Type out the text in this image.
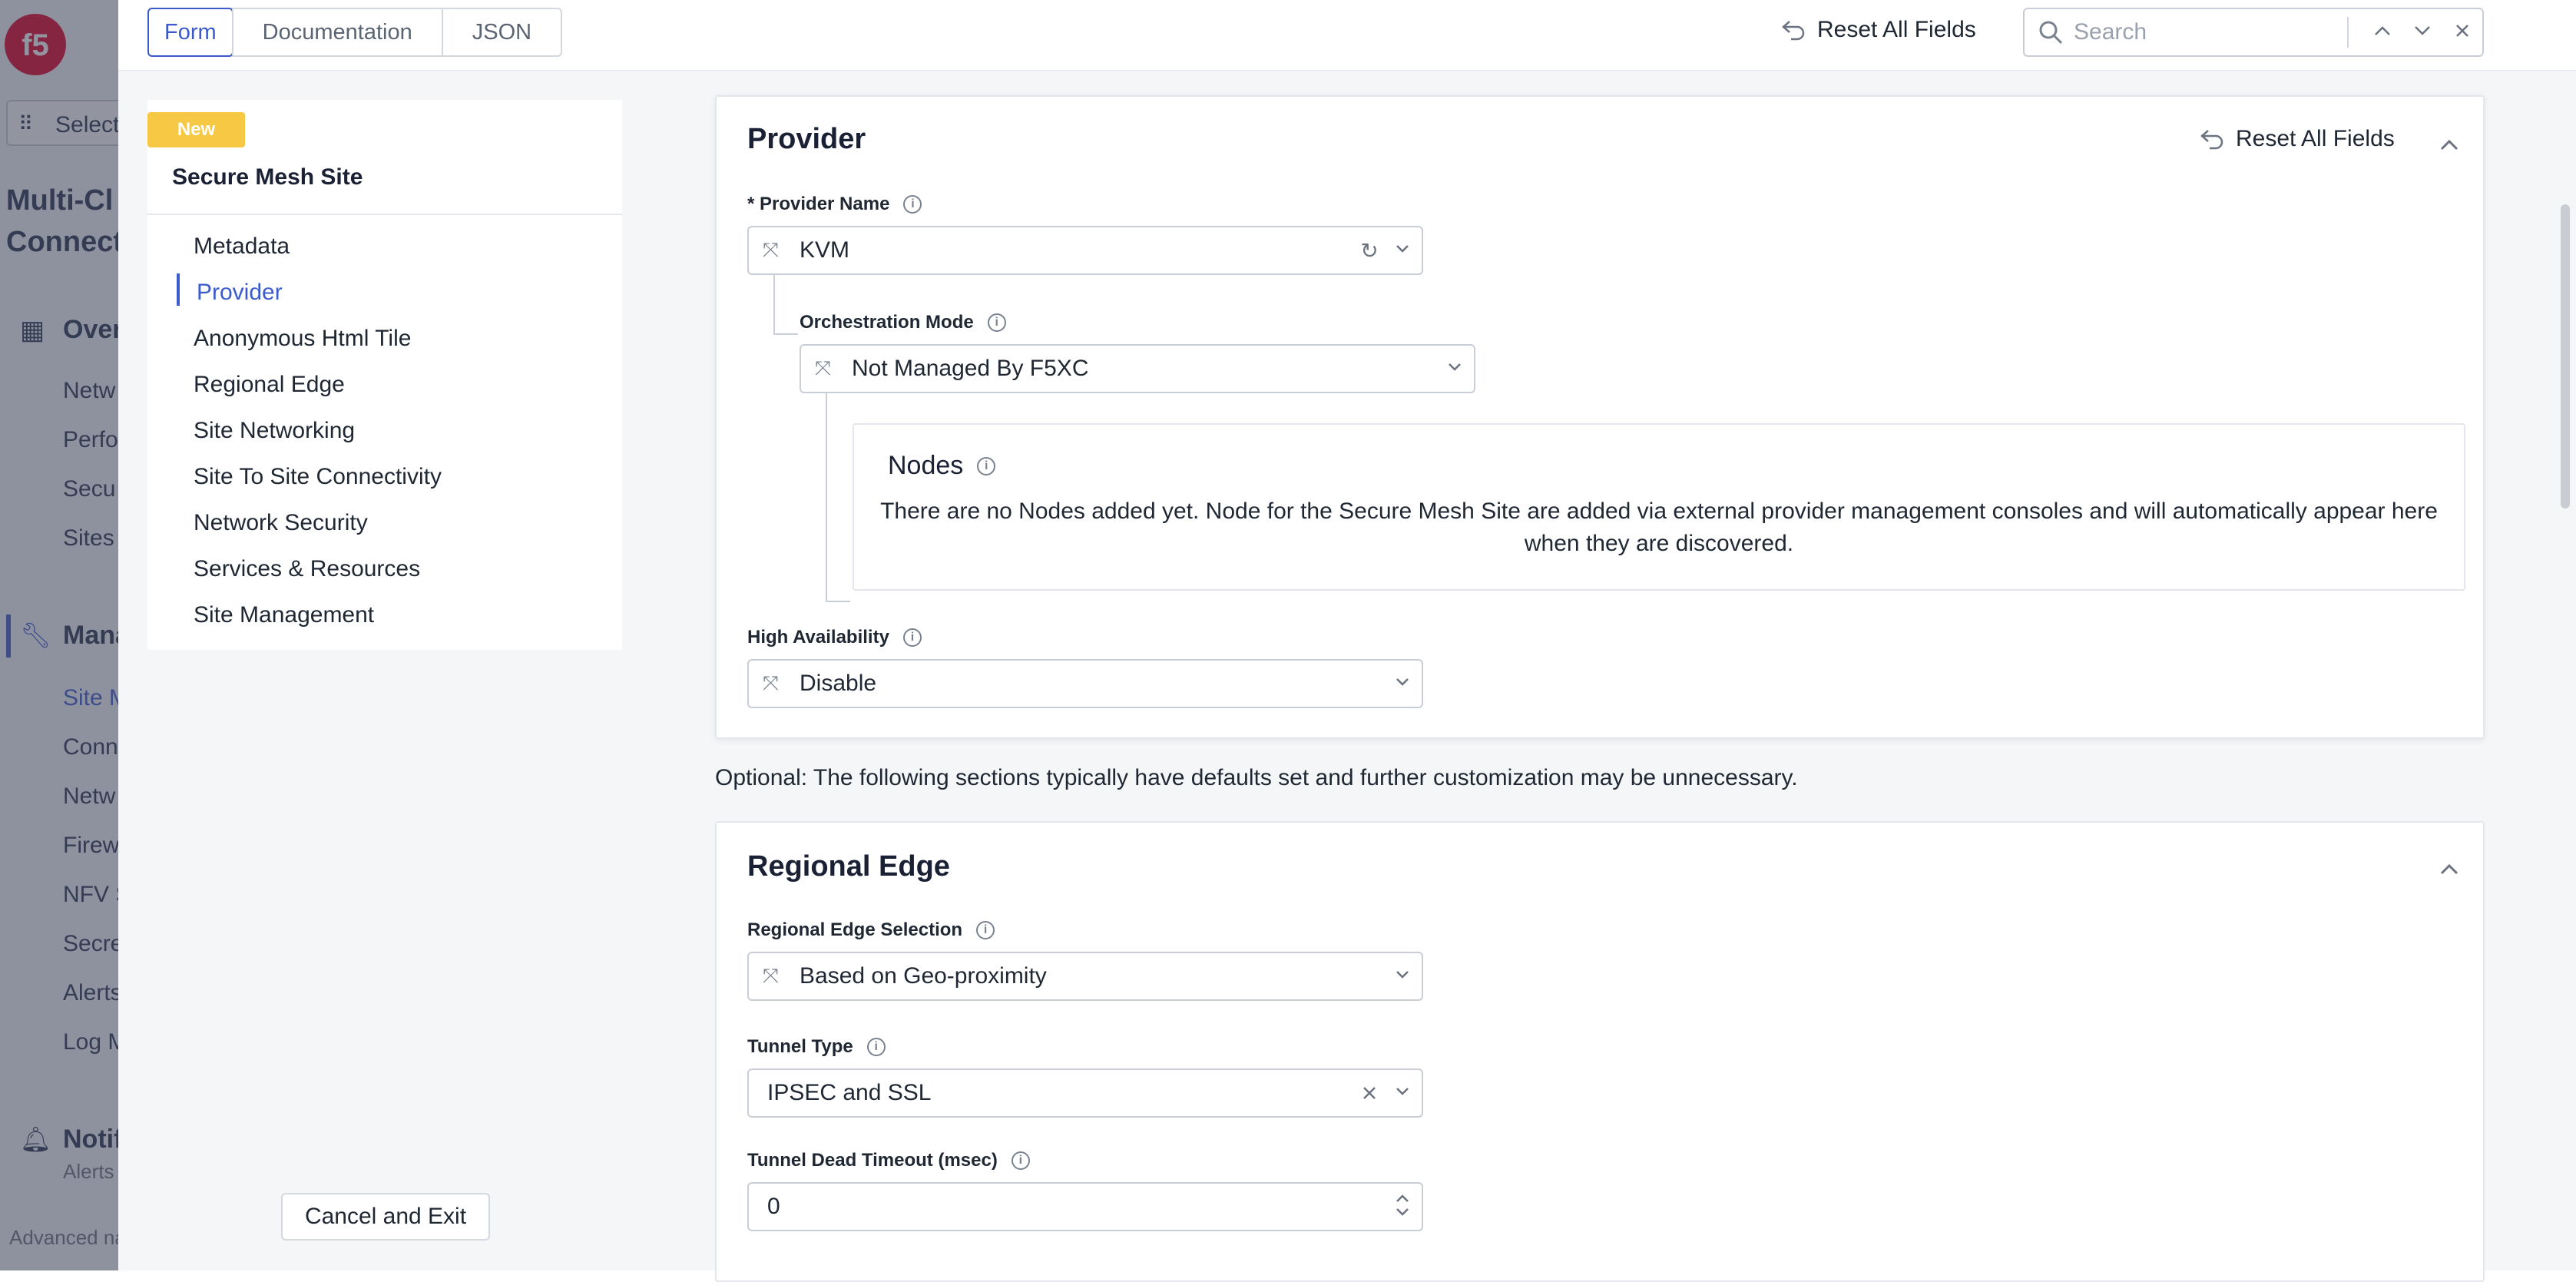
Form	Documentation	JSON	Reset All Fields	Search
New
Secure Mesh Site
Metadata
Provider
Anonymous Html Tile
Regional Edge
Site Networking
Site To Site Connectivity
Network Security
Services & Resources
Site Management
Cancel and Exit
Provider	Reset All Fields
* Provider Name	i
⤧ KVM	↻
Orchestration Mode	i
⤧ Not Managed By F5XC
Nodes	i
There are no Nodes added yet. Node for the Secure Mesh Site are added via external provider management consoles and will automatically appear here when they are discovered.
High Availability	i
⤧ Disable
Optional: The following sections typically have defaults set and further customization may be unnecessary.
Regional Edge
Regional Edge Selection	i
⤧ Based on Geo-proximity
Tunnel Type	i
IPSEC and SSL
Tunnel Dead Timeout (msec)	i
0
